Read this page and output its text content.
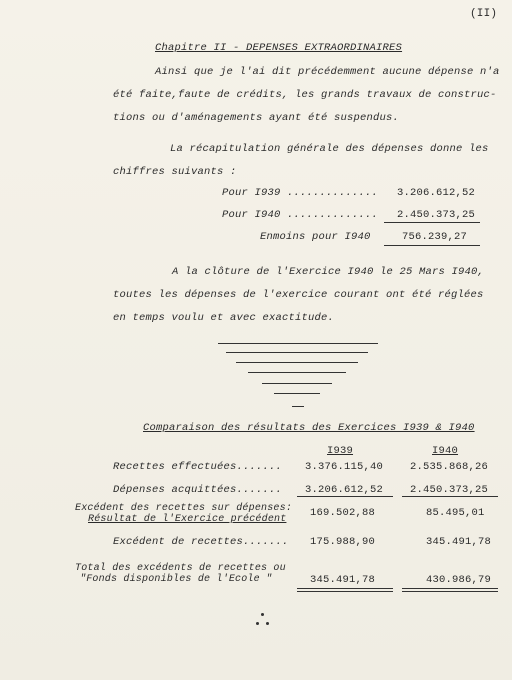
(II)
Chapitre II - DEPENSES EXTRAORDINAIRES
Ainsi que je l'ai dit précédemment aucune dépense n'a
été faite,faute de crédits, les grands travaux de construc-
tions ou d'aménagements ayant été suspendus.
La récapitulation générale des dépenses donne les
chiffres suivants :
Pour I939 .............. 3.206.612,52
Pour I940 .............. 2.450.373,25
Enmoins pour I940	756.239,27
A la clôture de l'Exercice I940 le 25 Mars I940,
toutes les dépenses de l'exercice courant ont été réglées
en temps voulu et avec exactitude.
Comparaison des résultats des Exercices I939 & I940
I939	I940
Recettes effectuées....... 3.376.115,40	2.535.868,26
Dépenses acquittées....... 3.206.612,52	2.450.373,25
Excédent des recettes sur dépenses:
Résultat de l'Exercice précédent
169.502,88	85.495,01
Excédent de recettes....... 175.988,90	345.491,78
Total des excédents de recettes ou
"Fonds disponibles de l'Ecole "	345.491,78	430.986,79
